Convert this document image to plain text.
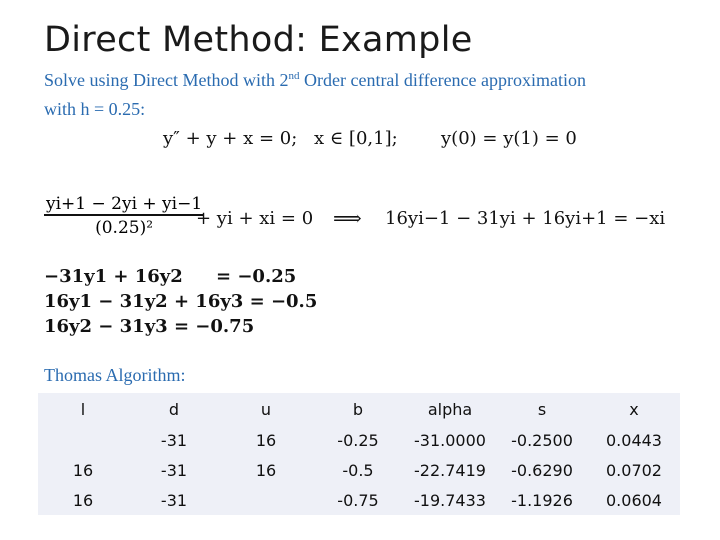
Direct Method: Example
Solve using Direct Method with 2nd Order central difference approximation
with h = 0.25:
y″ + y + x = 0; x ∈ [0,1]; y(0) = y(1) = 0
$\frac{yi+1 - 2yi + yi-1}{\text{(0.25)²}}$
+ yi + xi = 0 ⟹ 16yi−1 − 31yi + 16yi+1 = −xi
−31y1 + 16y2 = −0.25
16y1 − 31y2 + 16y3 = −0.5
16y2 − 31y3 = −0.75
Thomas Algorithm:
l	d	u	b	alpha	s	x
	-31	16	-0.25	-31.0000	-0.2500	0.0443
16	-31	16	-0.5	-22.7419	-0.6290	0.0702
16	-31		-0.75	-19.7433	-1.1926	0.0604
